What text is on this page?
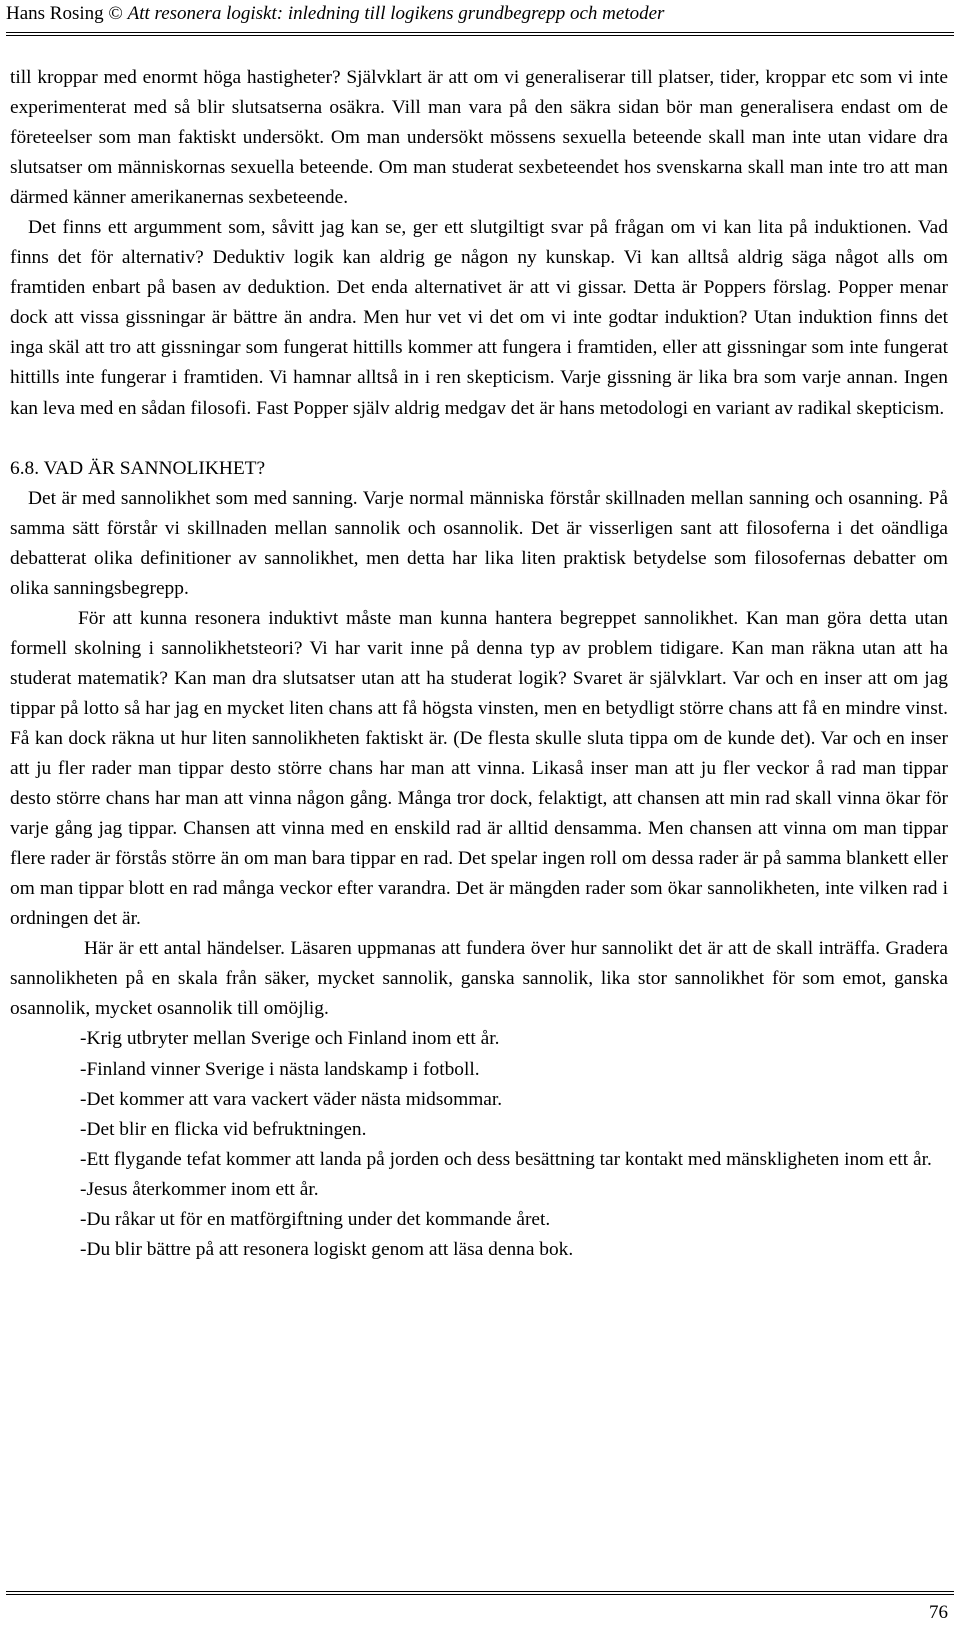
Hans Rosing © Att resonera logiskt: inledning till logikens grundbegrepp och metoder

till kroppar med enormt höga hastigheter? Självklart är att om vi generaliserar till platser, tider, kroppar etc som vi inte experimenterat med så blir slutsatserna osäkra. Vill man vara på den säkra sidan bör man generalisera endast om de företeelser som man faktiskt undersökt. Om man undersökt mössens sexuella beteende skall man inte utan vidare dra slutsatser om människornas sexuella beteende. Om man studerat sexbeteendet hos svenskarna skall man inte tro att man därmed känner amerikanernas sexbeteende.

Det finns ett argumment som, såvitt jag kan se, ger ett slutgiltigt svar på frågan om vi kan lita på induktionen. Vad finns det för alternativ? Deduktiv logik kan aldrig ge någon ny kunskap. Vi kan alltså aldrig säga något alls om framtiden enbart på basen av deduktion. Det enda alternativet är att vi gissar. Detta är Poppers förslag. Popper menar dock att vissa gissningar är bättre än andra. Men hur vet vi det om vi inte godtar induktion? Utan induktion finns det inga skäl att tro att gissningar som fungerat hittills kommer att fungera i framtiden, eller att gissningar som inte fungerat hittills inte fungerar i framtiden. Vi hamnar alltså in i ren skepticism. Varje gissning är lika bra som varje annan. Ingen kan leva med en sådan filosofi. Fast Popper själv aldrig medgav det är hans metodologi en variant av radikal skepticism.

6.8. VAD ÄR SANNOLIKHET?

Det är med sannolikhet som med sanning. Varje normal människa förstår skillnaden mellan sanning och osanning. På samma sätt förstår vi skillnaden mellan sannolik och osannolik. Det är visserligen sant att filosoferna i det oändliga debatterat olika definitioner av sannolikhet, men detta har lika liten praktisk betydelse som filosofernas debatter om olika sanningsbegrepp.

För att kunna resonera induktivt måste man kunna hantera begreppet sannolikhet. Kan man göra detta utan formell skolning i sannolikhetsteori? Vi har varit inne på denna typ av problem tidigare. Kan man räkna utan att ha studerat matematik? Kan man dra slutsatser utan att ha studerat logik? Svaret är självklart. Var och en inser att om jag tippar på lotto så har jag en mycket liten chans att få högsta vinsten, men en betydligt större chans att få en mindre vinst. Få kan dock räkna ut hur liten sannolikheten faktiskt är. (De flesta skulle sluta tippa om de kunde det). Var och en inser att ju fler rader man tippar desto större chans har man att vinna. Likaså inser man att ju fler veckor å rad man tippar desto större chans har man att vinna någon gång. Många tror dock, felaktigt, att chansen att min rad skall vinna ökar för varje gång jag tippar. Chansen att vinna med en enskild rad är alltid densamma. Men chansen att vinna om man tippar flere rader är förstås större än om man bara tippar en rad. Det spelar ingen roll om dessa rader är på samma blankett eller om man tippar blott en rad många veckor efter varandra. Det är mängden rader som ökar sannolikheten, inte vilken rad i ordningen det är.

Här är ett antal händelser. Läsaren uppmanas att fundera över hur sannolikt det är att de skall inträffa. Gradera sannolikheten på en skala från säker, mycket sannolik, ganska sannolik, lika stor sannolikhet för som emot, ganska osannolik, mycket osannolik till omöjlig.

-Krig utbryter mellan Sverige och Finland inom ett år.
-Finland vinner Sverige i nästa landskamp i fotboll.
-Det kommer att vara vackert väder nästa midsommar.
-Det blir en flicka vid befruktningen.
-Ett flygande tefat kommer att landa på jorden och dess besättning tar kontakt med mänskligheten inom ett år.
-Jesus återkommer inom ett år.
-Du råkar ut för en matförgiftning under det kommande året.
-Du blir bättre på att resonera logiskt genom att läsa denna bok.
76
